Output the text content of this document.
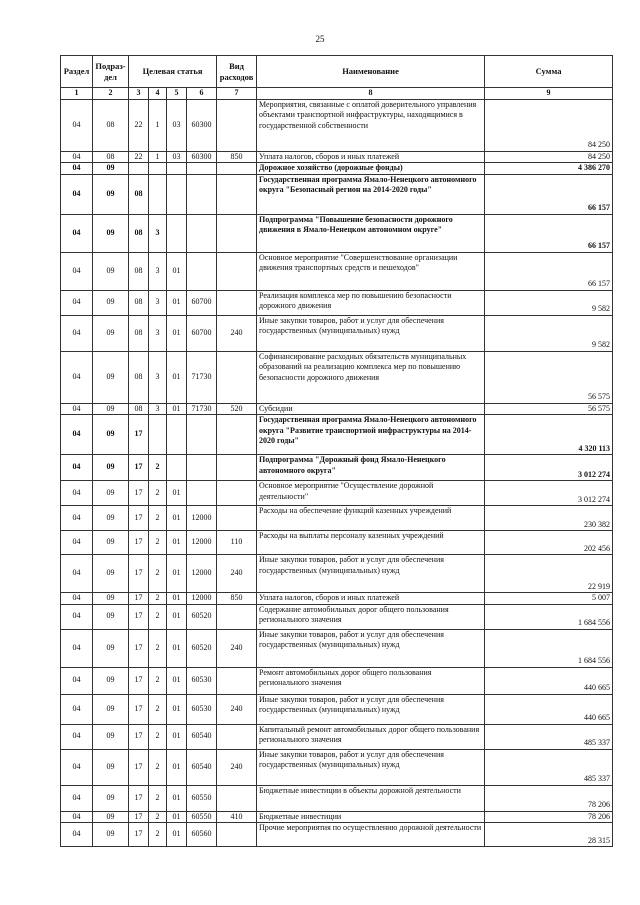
25
Раздел	Подраз-дел	Целевая статья				Вид расходов	Наименование	Сумма
1	2	3	4	5	6	7	8	9
04	08	22	1	03	60300		Мероприятия, связанные с оплатой доверительного управления объектами транспортной инфраструктуры, находящимися в государственной собственности	84 250
04	08	22	1	03	60300	850	Уплата налогов, сборов и иных платежей	84 250
04	09						Дорожное хозяйство (дорожные фонды)	4 386 270
04	09	08					Государственная программа Ямало-Ненецкого автономного округа "Безопасный регион на 2014-2020 годы"	66 157
04	09	08	3				Подпрограмма "Повышение безопасности дорожного движения в Ямало-Ненецком автономном округе"	66 157
04	09	08	3	01			Основное мероприятие "Совершенствование организации движения транспортных средств и пешеходов"	66 157
04	09	08	3	01	60700		Реализация комплекса мер по повышению безопасности дорожного движения	9 582
04	09	08	3	01	60700	240	Иные закупки товаров, работ и услуг для обеспечения государственных (муниципальных) нужд	9 582
04	09	08	3	01	71730		Софинансирование расходных обязательств муниципальных образований на реализацию комплекса мер по повышению безопасности дорожного движения	56 575
04	09	08	3	01	71730	520	Субсидии	56 575
04	09	17					Государственная программа Ямало-Ненецкого автономного округа "Развитие транспортной инфраструктуры на 2014-2020 годы"	4 320 113
04	09	17	2				Подпрограмма "Дорожный фонд Ямало-Ненецкого автономного округа"	3 012 274
04	09	17	2	01			Основное мероприятие "Осуществление дорожной деятельности"	3 012 274
04	09	17	2	01	12000		Расходы на обеспечение функций казенных учреждений	230 382
04	09	17	2	01	12000	110	Расходы на выплаты персоналу казенных учреждений	202 456
04	09	17	2	01	12000	240	Иные закупки товаров, работ и услуг для обеспечения государственных (муниципальных) нужд	22 919
04	09	17	2	01	12000	850	Уплата налогов, сборов и иных платежей	5 007
04	09	17	2	01	60520		Содержание автомобильных дорог общего пользования регионального значения	1 684 556
04	09	17	2	01	60520	240	Иные закупки товаров, работ и услуг для обеспечения государственных (муниципальных) нужд	1 684 556
04	09	17	2	01	60530		Ремонт автомобильных дорог общего пользования регионального значения	440 665
04	09	17	2	01	60530	240	Иные закупки товаров, работ и услуг для обеспечения государственных (муниципальных) нужд	440 665
04	09	17	2	01	60540		Капитальный ремонт автомобильных дорог общего пользования регионального значения	485 337
04	09	17	2	01	60540	240	Иные закупки товаров, работ и услуг для обеспечения государственных (муниципальных) нужд	485 337
04	09	17	2	01	60550		Бюджетные инвестиции в объекты дорожной деятельности	78 206
04	09	17	2	01	60550	410	Бюджетные инвестиции	78 206
04	09	17	2	01	60560		Прочие мероприятия по осуществлению дорожной деятельности	28 315
